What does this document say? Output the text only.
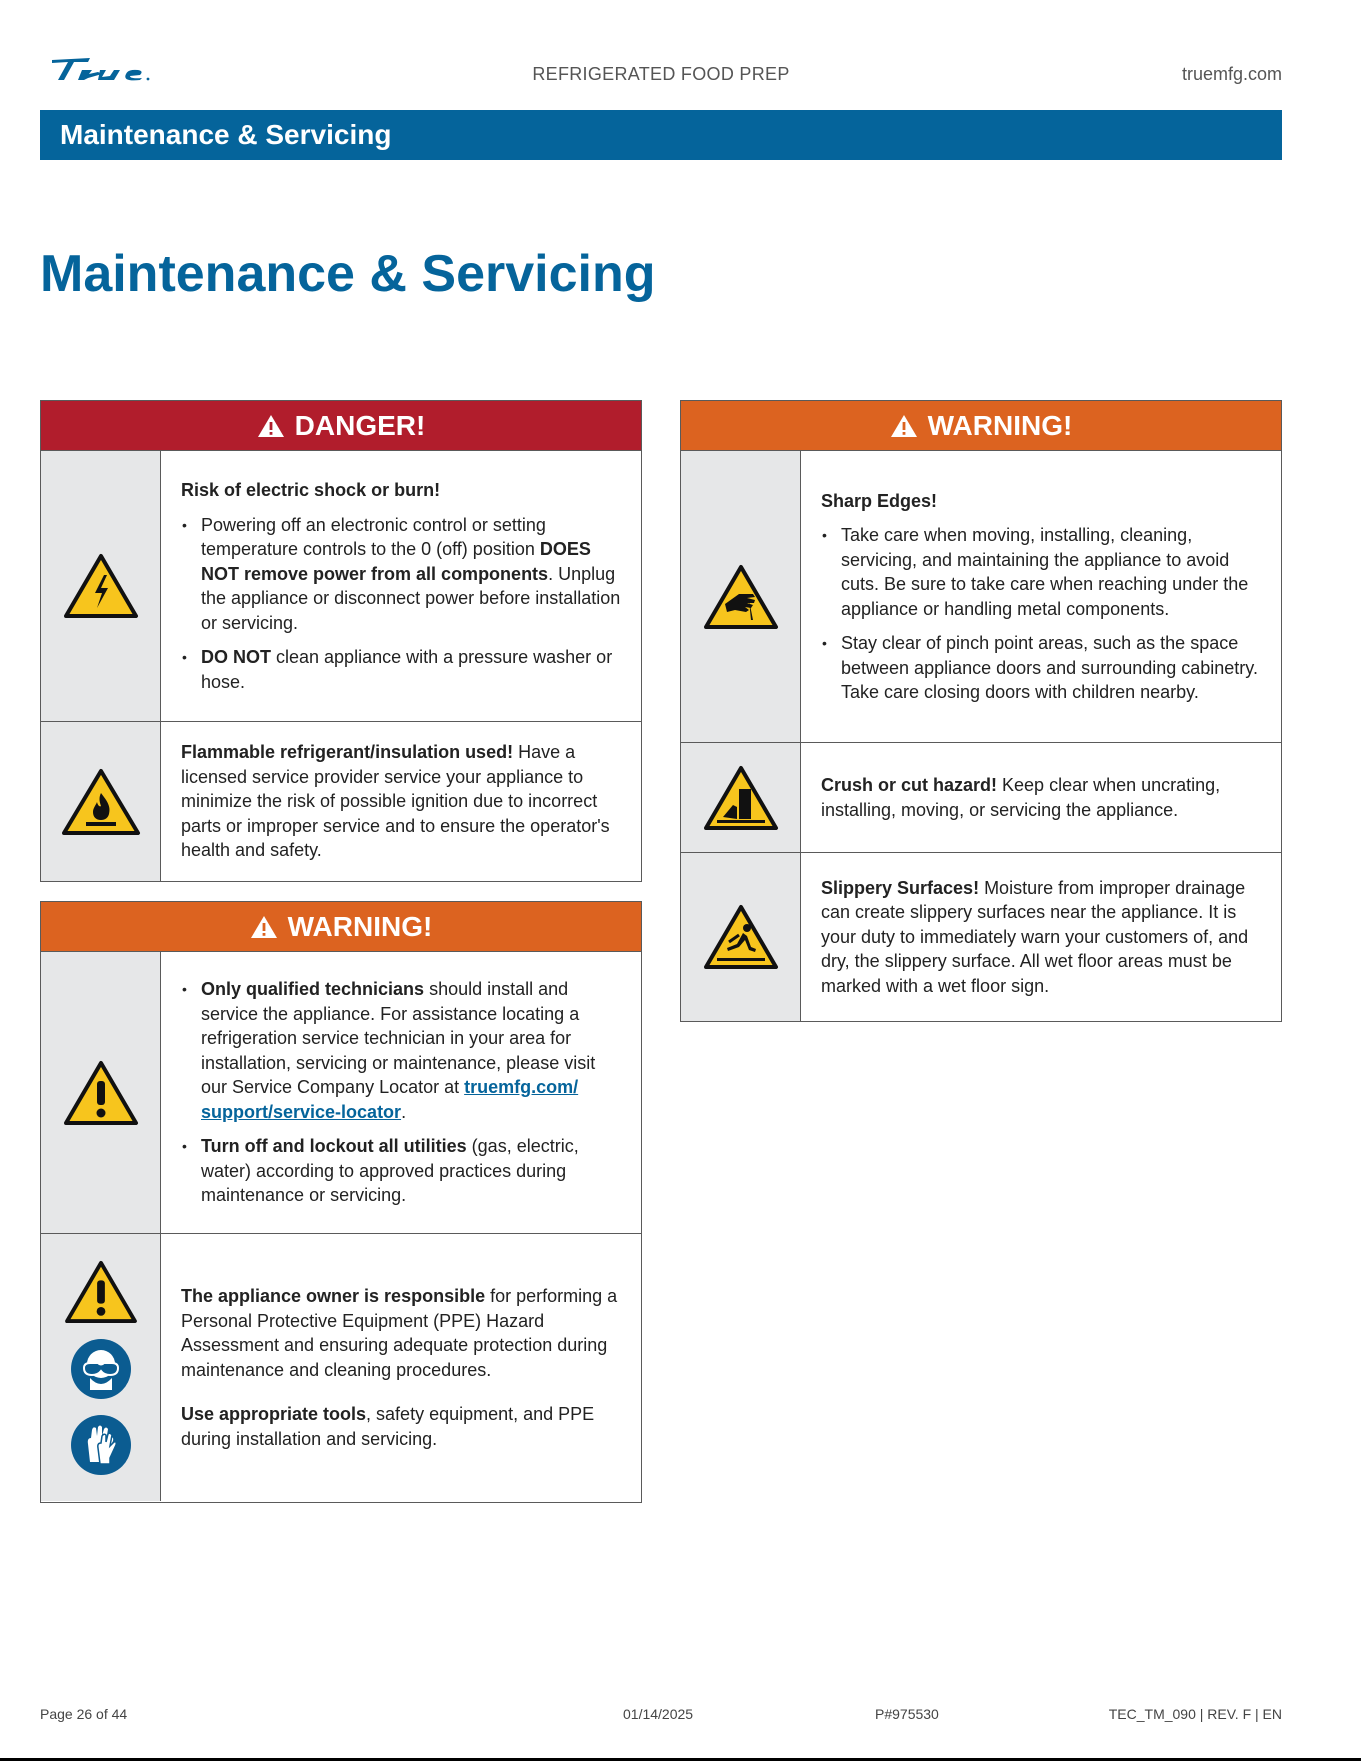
REFRIGERATED FOOD PREP	truemfg.com
Maintenance & Servicing
Maintenance & Servicing
DANGER!
Risk of electric shock or burn!
• Powering off an electronic control or setting temperature controls to the 0 (off) position DOES NOT remove power from all components. Unplug the appliance or disconnect power before installation or servicing.
• DO NOT clean appliance with a pressure washer or hose.

Flammable refrigerant/insulation used! Have a licensed service provider service your appliance to minimize the risk of possible ignition due to incorrect parts or improper service and to ensure the operator's health and safety.

WARNING!
• Only qualified technicians should install and service the appliance. For assistance locating a refrigeration service technician in your area for installation, servicing or maintenance, please visit our Service Company Locator at truemfg.com/ support/service-locator.
• Turn off and lockout all utilities (gas, electric, water) according to approved practices during maintenance or servicing.

The appliance owner is responsible for performing a Personal Protective Equipment (PPE) Hazard Assessment and ensuring adequate protection during maintenance and cleaning procedures.

Use appropriate tools, safety equipment, and PPE during installation and servicing.

WARNING!
Sharp Edges!
• Take care when moving, installing, cleaning, servicing, and maintaining the appliance to avoid cuts. Be sure to take care when reaching under the appliance or handling metal components.
• Stay clear of pinch point areas, such as the space between appliance doors and surrounding cabinetry. Take care closing doors with children nearby.

Crush or cut hazard! Keep clear when uncrating, installing, moving, or servicing the appliance.

Slippery Surfaces! Moisture from improper drainage can create slippery surfaces near the appliance. It is your duty to immediately warn your customers of, and dry, the slippery surface. All wet floor areas must be marked with a wet floor sign.

Page 26 of 44	01/14/2025	P#975530	TEC_TM_090 | REV. F | EN
